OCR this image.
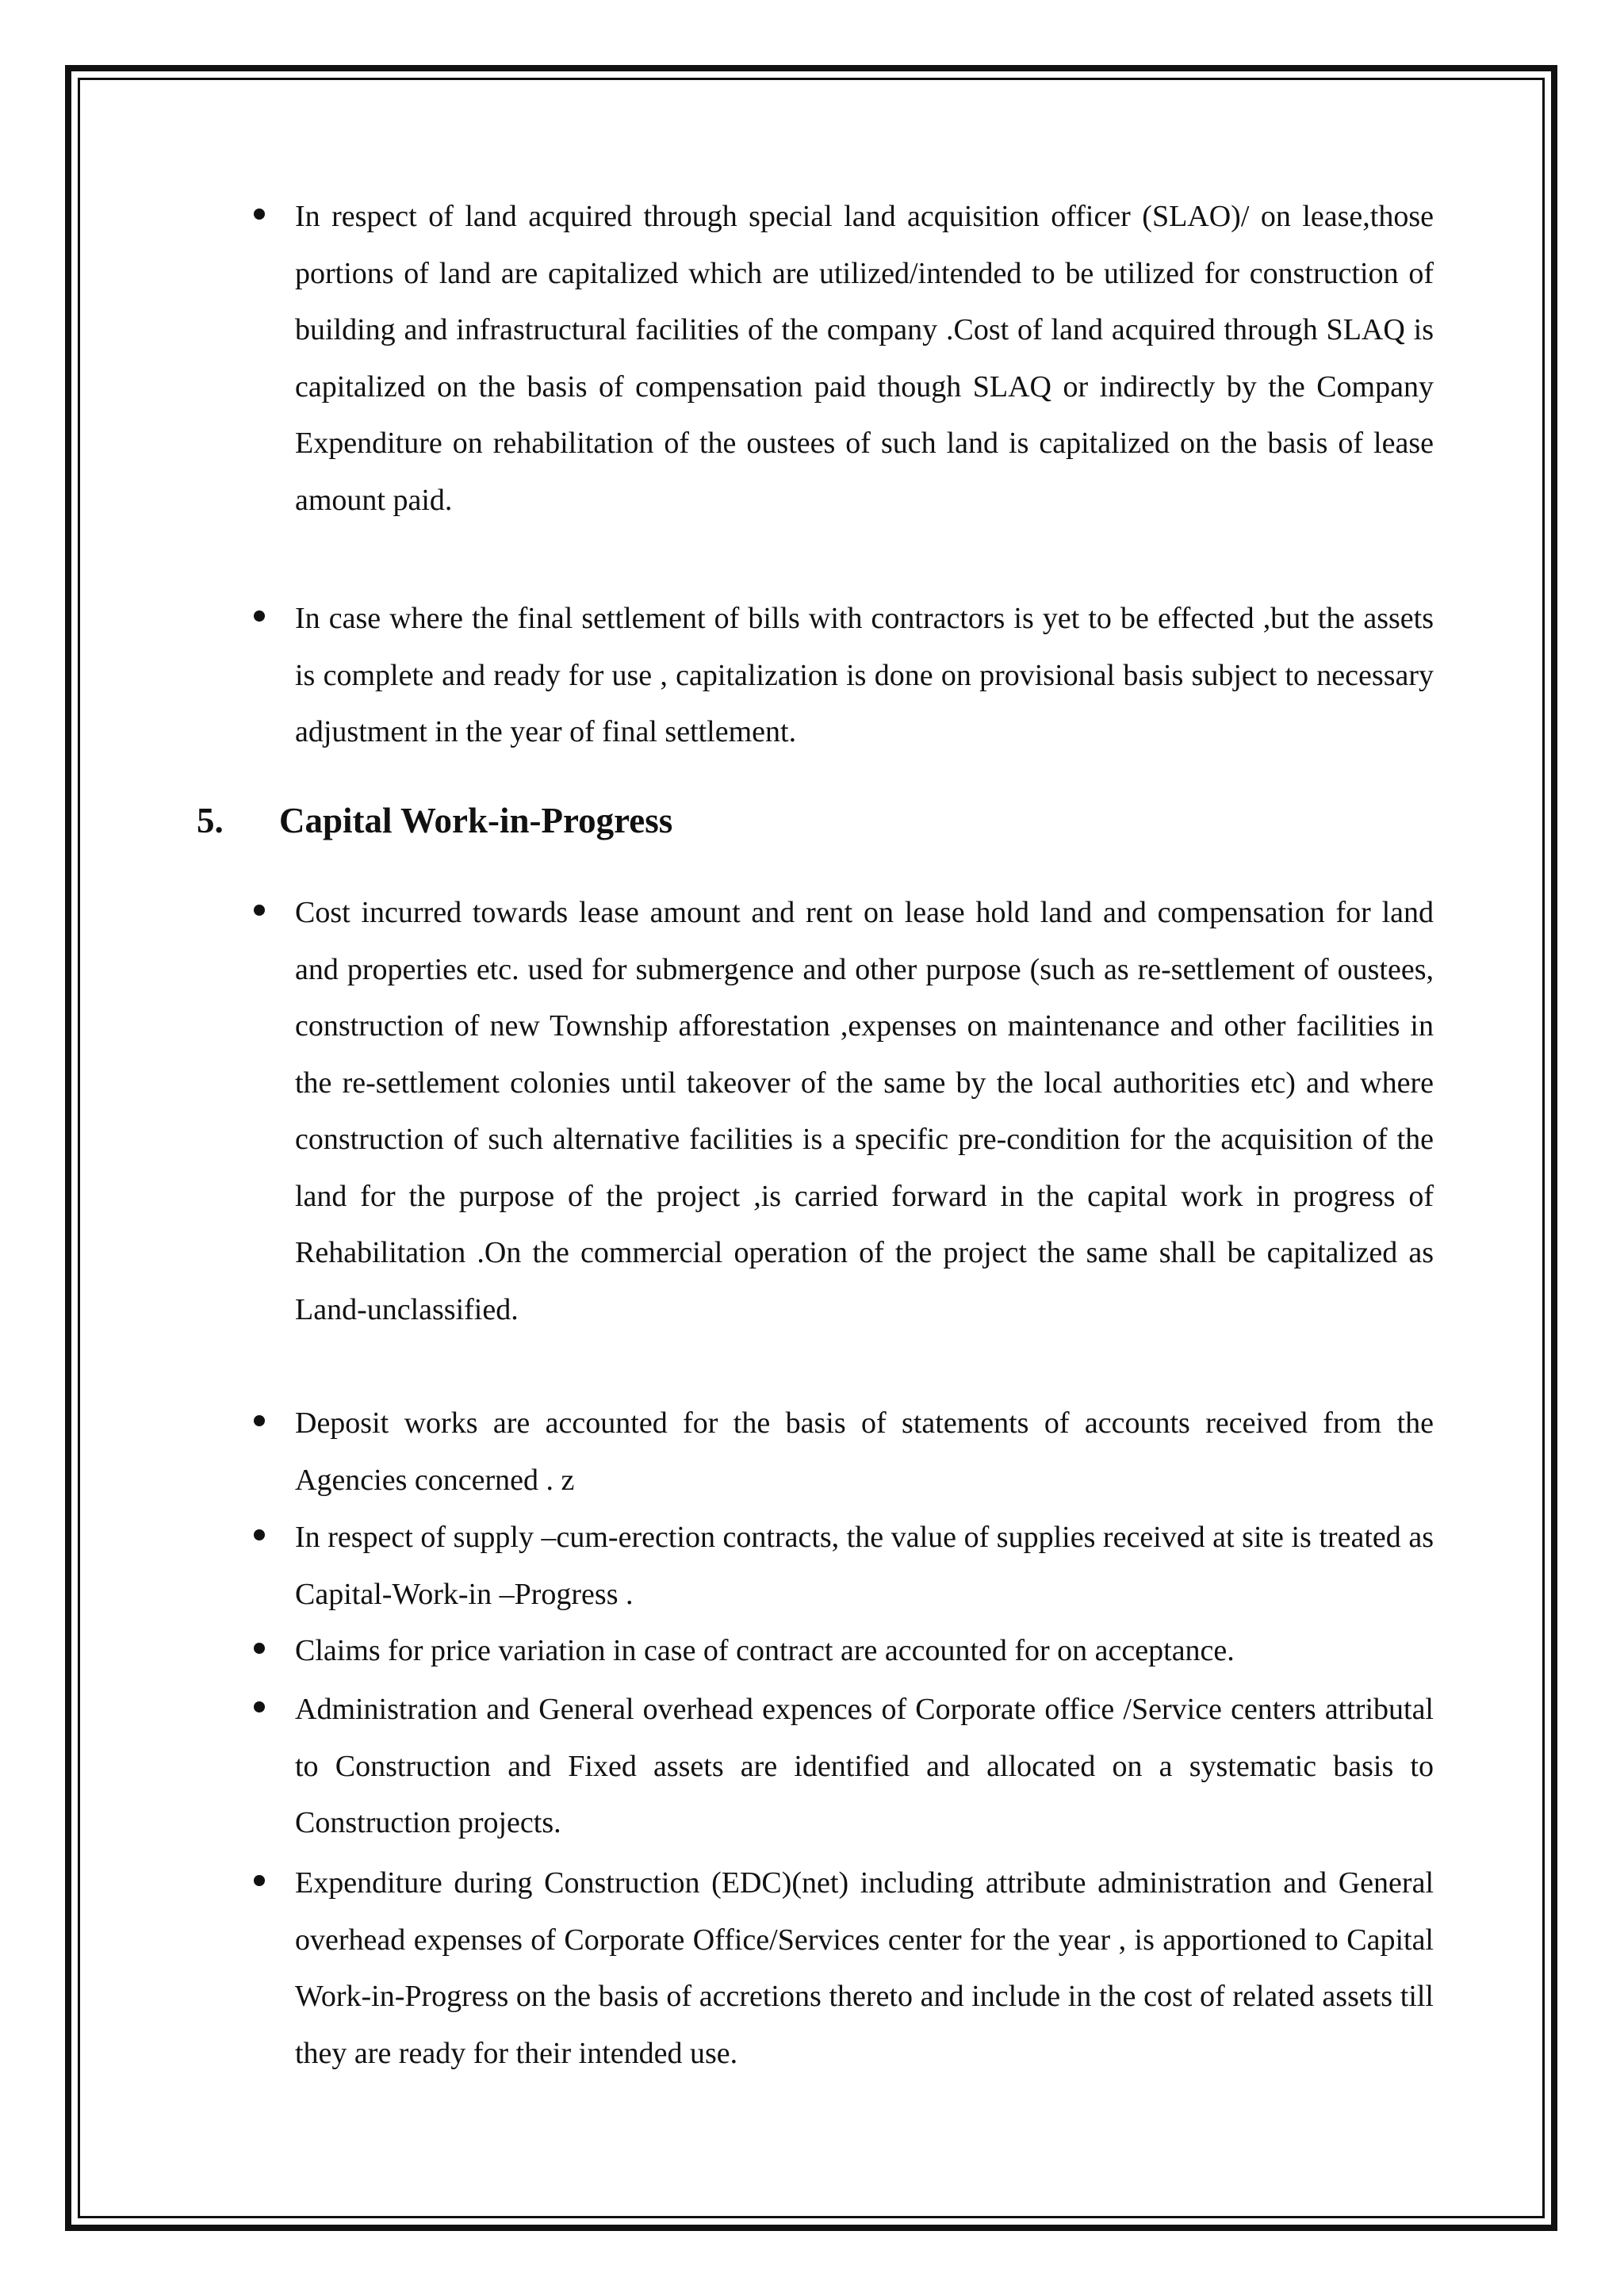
In respect of land acquired through special land acquisition officer (SLAO)/ on lease,those portions of land are capitalized which are utilized/intended to be utilized for construction of building and infrastructural facilities of the company .Cost of land acquired through SLAQ is capitalized on the basis of compensation paid though SLAQ or indirectly by the Company Expenditure on rehabilitation of the oustees of such land is capitalized on the basis of lease amount paid.
In case where the final settlement of bills with contractors is yet to be effected ,but the assets is complete and ready for use , capitalization is done on provisional basis subject to necessary adjustment in the year of final settlement.
5. Capital Work-in-Progress
Cost incurred towards lease amount and rent on lease hold land and compensation for land and properties etc. used for submergence and other purpose (such as re-settlement of oustees, construction of new Township afforestation ,expenses on maintenance and other facilities in the re-settlement colonies until takeover of the same by the local authorities etc) and where construction of such alternative facilities is a specific pre-condition for the acquisition of the land for the purpose of the project ,is carried forward in the capital work in progress of Rehabilitation .On the commercial operation of the project the same shall be capitalized as Land-unclassified.
Deposit works are accounted for the basis of statements of accounts received from the Agencies concerned . z
In respect of supply –cum-erection contracts, the value of supplies received at site is treated as Capital-Work-in –Progress .
Claims for price variation in case of contract are accounted for on acceptance.
Administration and General overhead expences of Corporate office /Service centers attributal to Construction and Fixed assets are identified and allocated on a systematic basis to Construction projects.
Expenditure during Construction (EDC)(net) including attribute administration and General overhead expenses of Corporate Office/Services center for the year , is apportioned to Capital Work-in-Progress on the basis of accretions thereto and include in the cost of related assets till they are ready for their intended use.
